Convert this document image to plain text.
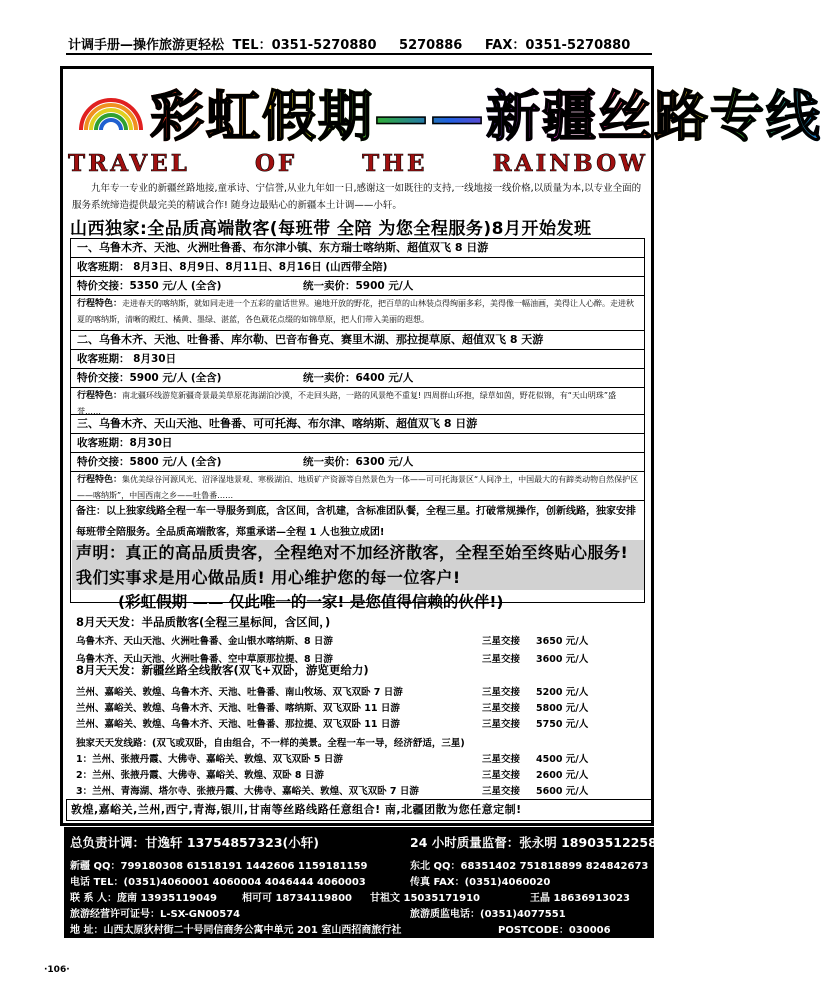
计调手册—操作旅游更轻松 TEL：0351-5270880 5270886 FAX：0351-5270880
彩虹假期——新疆丝路专线
TRAVEL	OF	THE	RAINBOW
九年专一专业的新疆丝路地接,童承诗、宁信誉,从业九年如一日,感谢这一如既往的支持,一线地接一线价格,以质量为本,以专业全面的服务系统缔造提供最完美的精诚合作! 随身边最贴心的新疆本土计调——小轩。
山西独家:全品质高端散客(每班带 全陪 为您全程服务)8月开始发班
一、乌鲁木齐、天池、火洲吐鲁番、布尔津小镇、东方瑞士喀纳斯、超值双飞 8 日游
收客班期： 8月3日、8月9日、8月11日、8月16日 (山西带全陪)
特价交接：5350 元/人 (全含)	统一卖价：5900 元/人
行程特色：走进春天的喀纳斯，就如同走进一个五彩的童话世界。遍地开放的野花，把百草的山林装点得绚丽多彩，美得像一幅油画，美得让人心醉。走进秋夏的喀纳斯，清晰的殿红、橘黄、墨绿、湛蓝，各色葳花点缀的如锦草原，把人们带入美丽的遐想。
二、乌鲁木齐、天池、吐鲁番、库尔勒、巴音布鲁克、赛里木湖、那拉提草原、超值双飞 8 天游
收客班期： 8月30日
特价交接：5900 元/人 (全含)	统一卖价：6400 元/人
行程特色：南北疆环线游览新疆奇景最美草原花海湖泊沙漠，不走回头路，一路的风景绝不重复! 四周群山环抱，绿草如茵，野花似锦，有“天山明珠”盛誉……
三、乌鲁木齐、天山天池、吐鲁番、可可托海、布尔津、喀纳斯、超值双飞 8 日游
收客班期：8月30日
特价交接：5800 元/人 (全含)	统一卖价：6300 元/人
行程特色：集优美绿谷河源风光、沼泽湿地景观、寒极湖泊、地质矿产资源等自然景色为一体——可可托海景区“人间净土，中国最大的有蹄类动物自然保护区——喀纳斯”，中国西南之乡——吐鲁番……
备注：以上独家线路全程一车一导服务到底，含区间，含机建，含标准团队餐，全程三星。打破常规操作，创新线路，独家安排每班带全陪服务。全品质高端散客，郑重承诺—全程 1 人也独立成团!
声明：真正的高品质贵客，全程绝对不加经济散客，全程至始至终贴心服务! 我们实事求是用心做品质! 用心维护您的每一位客户!
(彩虹假期 —— 仅此唯一的一家! 是您值得信赖的伙伴!)
8月天天发：半品质散客(全程三星标间，含区间，)
乌鲁木齐、天山天池、火洲吐鲁番、金山银水喀纳斯、8 日游	三星交接 3650 元/人
乌鲁木齐、天山天池、火洲吐鲁番、空中草原那拉提、8 日游	三星交接 3600 元/人
8月天天发：新疆丝路全线散客(双飞+双卧，游览更给力)
兰州、嘉峪关、敦煌、乌鲁木齐、天池、吐鲁番、南山牧场、双飞双卧 7 日游	三星交接 5200 元/人
兰州、嘉峪关、敦煌、乌鲁木齐、天池、吐鲁番、喀纳斯、双飞双卧 11 日游	三星交接 5800 元/人
兰州、嘉峪关、敦煌、乌鲁木齐、天池、吐鲁番、那拉提、双飞双卧 11 日游	三星交接 5750 元/人
独家天天发线路：(双飞或双卧，自由组合，不一样的美景。全程一车一导，经济舒适，三星)
1：兰州、张掖丹霞、大佛寺、嘉峪关、敦煌、双飞双卧 5 日游	三星交接 4500 元/人
2：兰州、张掖丹霞、大佛寺、嘉峪关、敦煌、双卧 8 日游	三星交接 2600 元/人
3：兰州、青海湖、塔尔寺、张掖丹霞、大佛寺、嘉峪关、敦煌、双飞双卧 7 日游	三星交接 5600 元/人
敦煌,嘉峪关,兰州,西宁,青海,银川,甘南等丝路线路任意组合! 南,北疆团散为您任意定制!
总负责计调：甘逸轩 13754857323(小轩)	24 小时质量监督：张永明 18903512258
新疆 QQ：799180308 61518191 1442606 1159181159	东北 QQ：68351402 751818899 824842673
电话 TEL：(0351)4060001 4060004 4046444 4060003	传真 FAX：(0351)4060020
联 系 人：庞南 13935119049	相可可 18734119800 甘祖文 15035171910	王晶 18636913023
旅游经营许可证号：L-SX-GN00574	旅游质监电话：(0351)4077551
地 址：山西太原狄村街二十号同信商务公寓中单元 201 室山西招商旅行社	POSTCODE：030006
·106·
